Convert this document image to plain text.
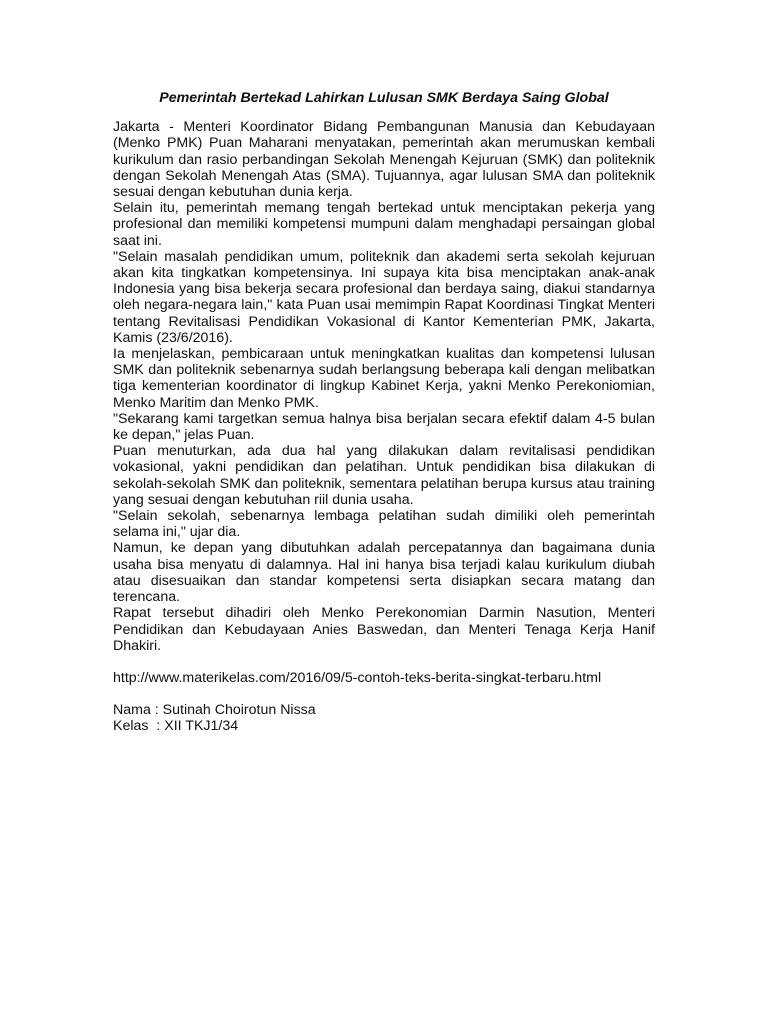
Pemerintah Bertekad Lahirkan Lulusan SMK Berdaya Saing Global

Jakarta - Menteri Koordinator Bidang Pembangunan Manusia dan Kebudayaan (Menko PMK) Puan Maharani menyatakan, pemerintah akan merumuskan kembali kurikulum dan rasio perbandingan Sekolah Menengah Kejuruan (SMK) dan politeknik dengan Sekolah Menengah Atas (SMA). Tujuannya, agar lulusan SMA dan politeknik sesuai dengan kebutuhan dunia kerja.

Selain itu, pemerintah memang tengah bertekad untuk menciptakan pekerja yang profesional dan memiliki kompetensi mumpuni dalam menghadapi persaingan global saat ini.

"Selain masalah pendidikan umum, politeknik dan akademi serta sekolah kejuruan akan kita tingkatkan kompetensinya. Ini supaya kita bisa menciptakan anak-anak Indonesia yang bisa bekerja secara profesional dan berdaya saing, diakui standarnya oleh negara-negara lain," kata Puan usai memimpin Rapat Koordinasi Tingkat Menteri tentang Revitalisasi Pendidikan Vokasional di Kantor Kementerian PMK, Jakarta, Kamis (23/6/2016).

Ia menjelaskan, pembicaraan untuk meningkatkan kualitas dan kompetensi lulusan SMK dan politeknik sebenarnya sudah berlangsung beberapa kali dengan melibatkan tiga kementerian koordinator di lingkup Kabinet Kerja, yakni Menko Perekoniomian, Menko Maritim dan Menko PMK.

"Sekarang kami targetkan semua halnya bisa berjalan secara efektif dalam 4-5 bulan ke depan," jelas Puan.

Puan menuturkan, ada dua hal yang dilakukan dalam revitalisasi pendidikan vokasional, yakni pendidikan dan pelatihan. Untuk pendidikan bisa dilakukan di sekolah-sekolah SMK dan politeknik, sementara pelatihan berupa kursus atau training yang sesuai dengan kebutuhan riil dunia usaha.

"Selain sekolah, sebenarnya lembaga pelatihan sudah dimiliki oleh pemerintah selama ini," ujar dia.

Namun, ke depan yang dibutuhkan adalah percepatannya dan bagaimana dunia usaha bisa menyatu di dalamnya. Hal ini hanya bisa terjadi kalau kurikulum diubah atau disesuaikan dan standar kompetensi serta disiapkan secara matang dan terencana.

Rapat tersebut dihadiri oleh Menko Perekonomian Darmin Nasution, Menteri Pendidikan dan Kebudayaan Anies Baswedan, dan Menteri Tenaga Kerja Hanif Dhakiri.

http://www.materikelas.com/2016/09/5-contoh-teks-berita-singkat-terbaru.html
Nama : Sutinah Choirotun Nissa
Kelas  : XII TKJ1/34
